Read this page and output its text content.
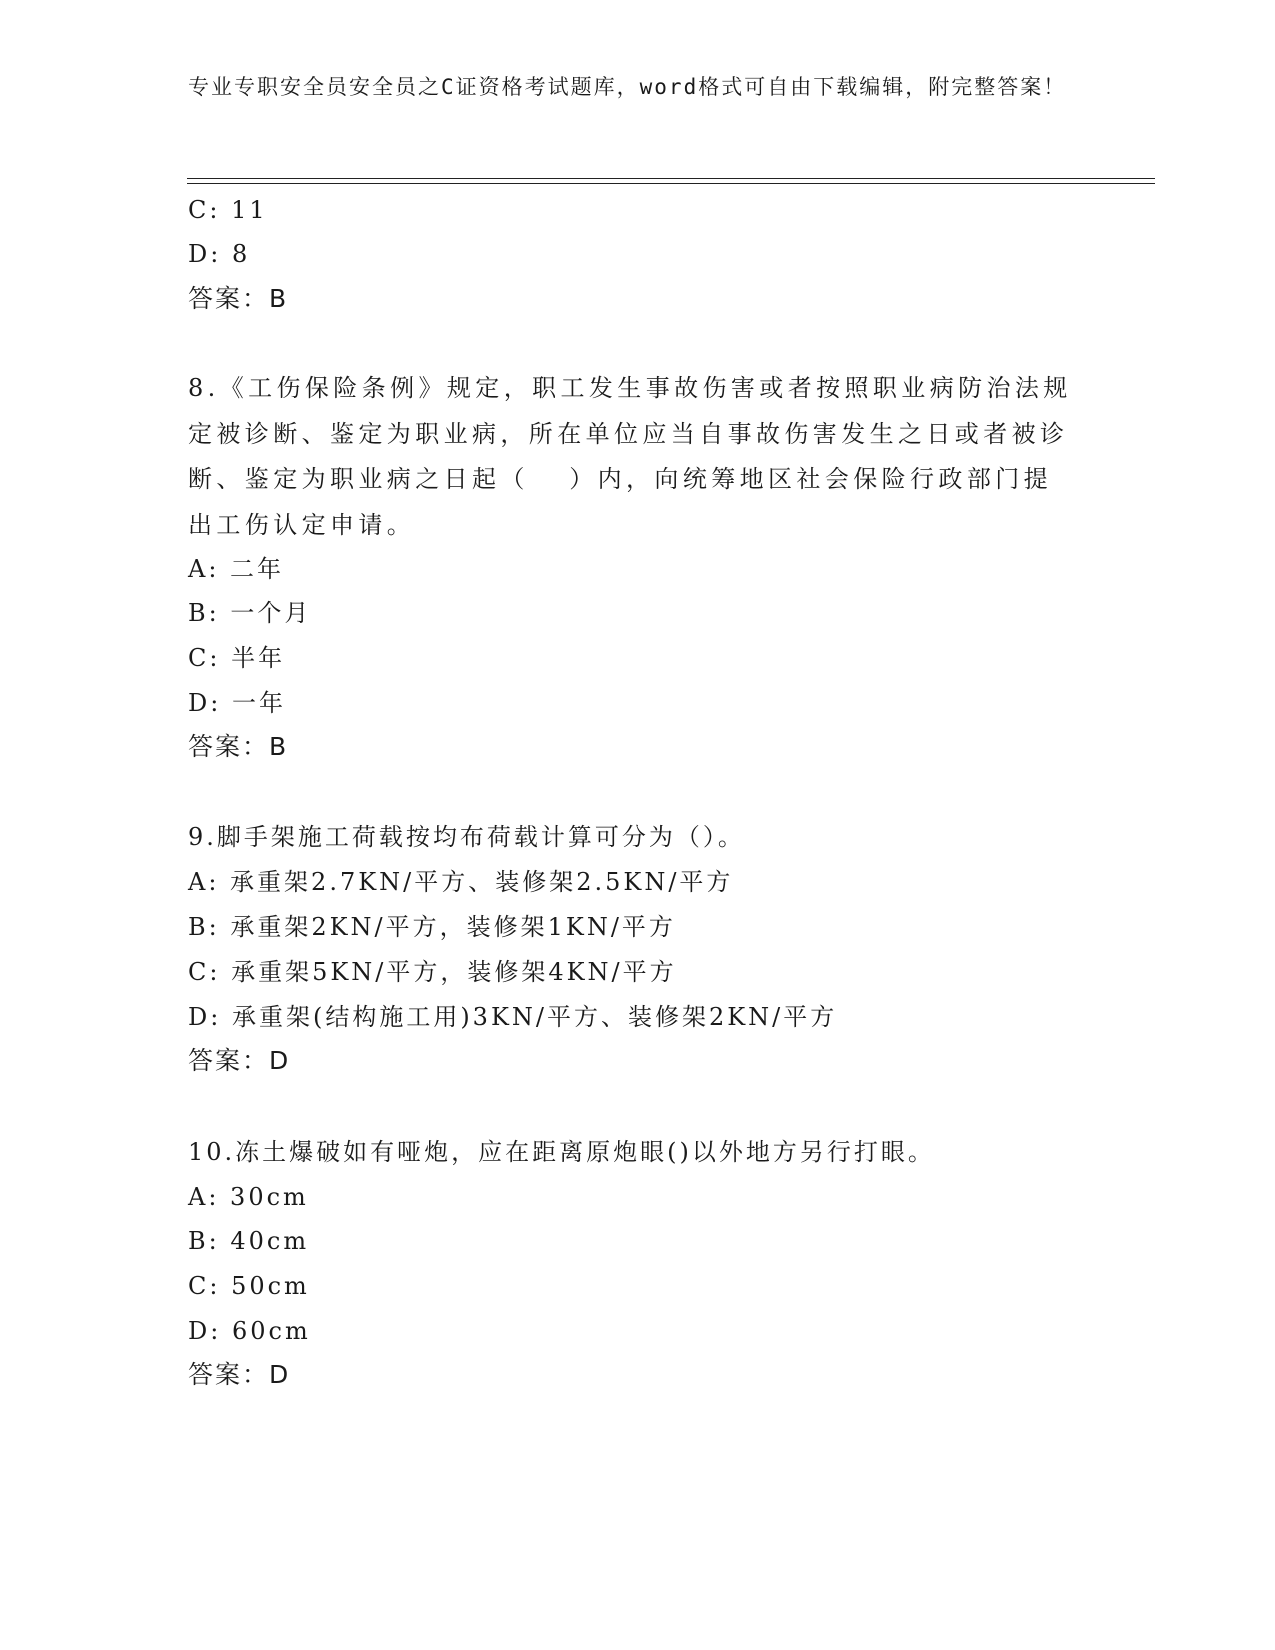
专业专职安全员安全员之C证资格考试题库，word格式可自由下载编辑，附完整答案！
C: 11
D: 8
答案：B
8.《工伤保险条例》规定，职工发生事故伤害或者按照职业病防治法规定被诊断、鉴定为职业病，所在单位应当自事故伤害发生之日或者被诊断、鉴定为职业病之日起（　 ）内，向统筹地区社会保险行政部门提出工伤认定申请。
A: 二年
B: 一个月
C: 半年
D: 一年
答案：B
9.脚手架施工荷载按均布荷载计算可分为（）。
A: 承重架2.7KN/平方、装修架2.5KN/平方
B: 承重架2KN/平方，装修架1KN/平方
C: 承重架5KN/平方，装修架4KN/平方
D: 承重架(结构施工用)3KN/平方、装修架2KN/平方
答案：D
10.冻土爆破如有哑炮，应在距离原炮眼()以外地方另行打眼。
A: 30cm
B: 40cm
C: 50cm
D: 60cm
答案：D
